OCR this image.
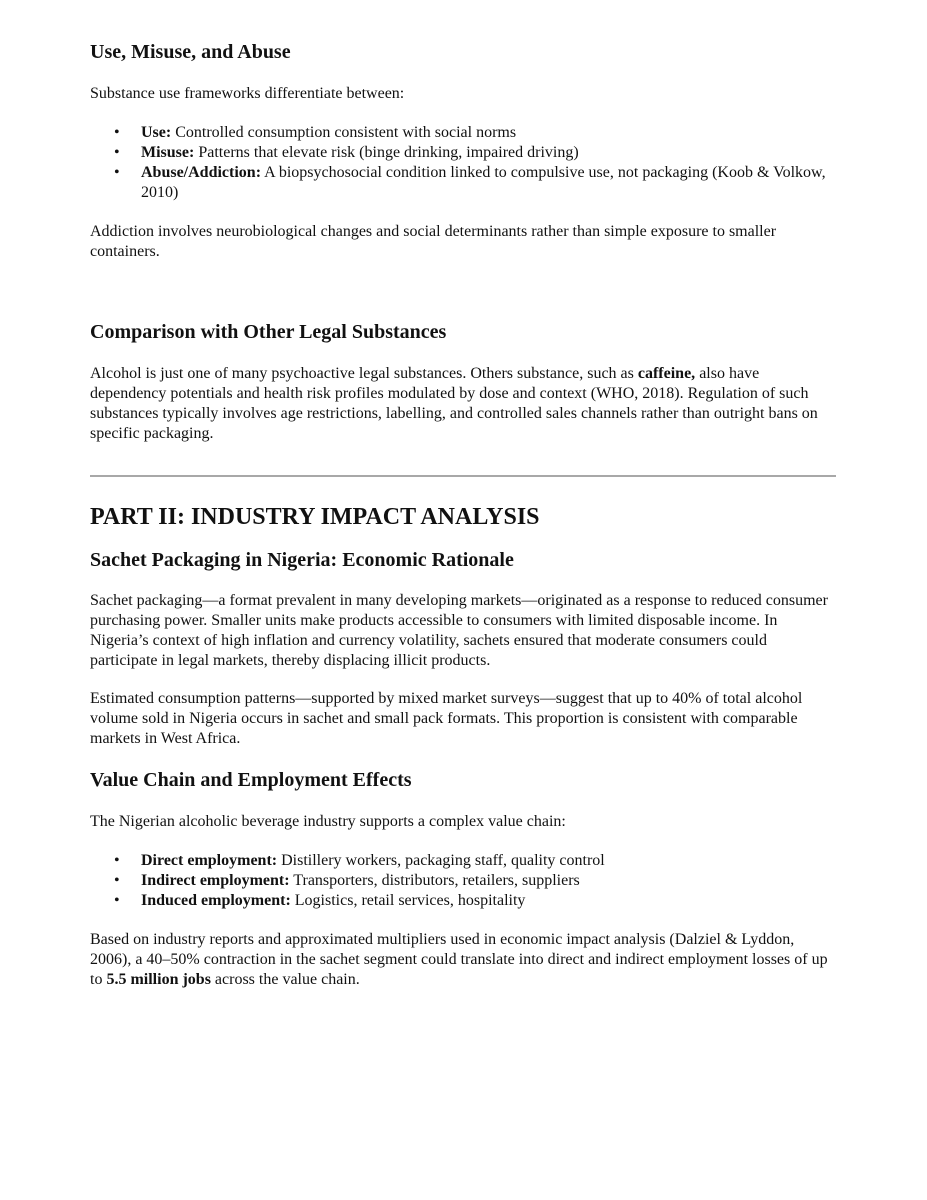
Use, Misuse, and Abuse

Substance use frameworks differentiate between:

• Use: Controlled consumption consistent with social norms
• Misuse: Patterns that elevate risk (binge drinking, impaired driving)
• Abuse/Addiction: A biopsychosocial condition linked to compulsive use, not packaging (Koob & Volkow, 2010)

Addiction involves neurobiological changes and social determinants rather than simple exposure to smaller containers.

Comparison with Other Legal Substances

Alcohol is just one of many psychoactive legal substances. Others substance, such as caffeine, also have dependency potentials and health risk profiles modulated by dose and context (WHO, 2018). Regulation of such substances typically involves age restrictions, labelling, and controlled sales channels rather than outright bans on specific packaging.

PART II: INDUSTRY IMPACT ANALYSIS
Sachet Packaging in Nigeria: Economic Rationale

Sachet packaging—a format prevalent in many developing markets—originated as a response to reduced consumer purchasing power. Smaller units make products accessible to consumers with limited disposable income. In Nigeria’s context of high inflation and currency volatility, sachets ensured that moderate consumers could participate in legal markets, thereby displacing illicit products.

Estimated consumption patterns—supported by mixed market surveys—suggest that up to 40% of total alcohol volume sold in Nigeria occurs in sachet and small pack formats. This proportion is consistent with comparable markets in West Africa.

Value Chain and Employment Effects

The Nigerian alcoholic beverage industry supports a complex value chain:

• Direct employment: Distillery workers, packaging staff, quality control
• Indirect employment: Transporters, distributors, retailers, suppliers
• Induced employment: Logistics, retail services, hospitality

Based on industry reports and approximated multipliers used in economic impact analysis (Dalziel & Lyddon, 2006), a 40–50% contraction in the sachet segment could translate into direct and indirect employment losses of up to 5.5 million jobs across the value chain.
